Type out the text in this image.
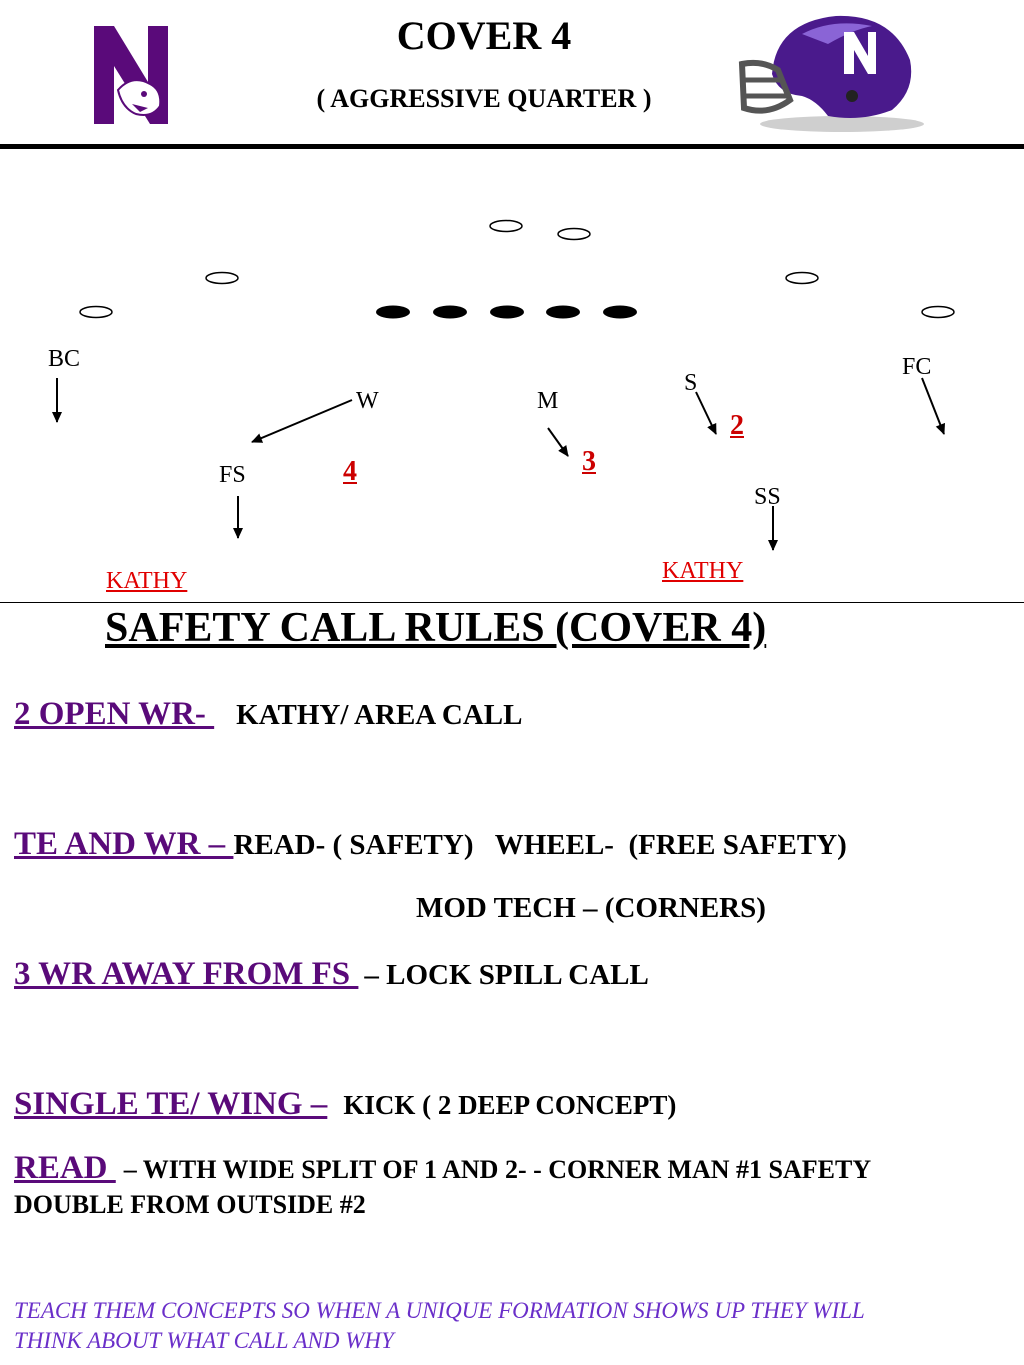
COVER 4
( AGGRESSIVE QUARTER )
BC	FC
W	M
S
FS
SS
2
3
4
KATHY	KATHY
SAFETY CALL RULES (COVER 4)
2 OPEN WR- KATHY/ AREA CALL
TE AND WR – READ- ( SAFETY)   WHEEL-  (FREE SAFETY)
MOD TECH – (CORNERS)
3 WR AWAY FROM FS – LOCK SPILL CALL
SINGLE TE/ WING – KICK ( 2 DEEP CONCEPT)
READ – WITH WIDE SPLIT OF 1 AND 2- - CORNER MAN #1 SAFETY
DOUBLE FROM OUTSIDE #2
TEACH THEM CONCEPTS SO WHEN A UNIQUE FORMATION SHOWS UP THEY WILL
THINK ABOUT WHAT CALL AND WHY
